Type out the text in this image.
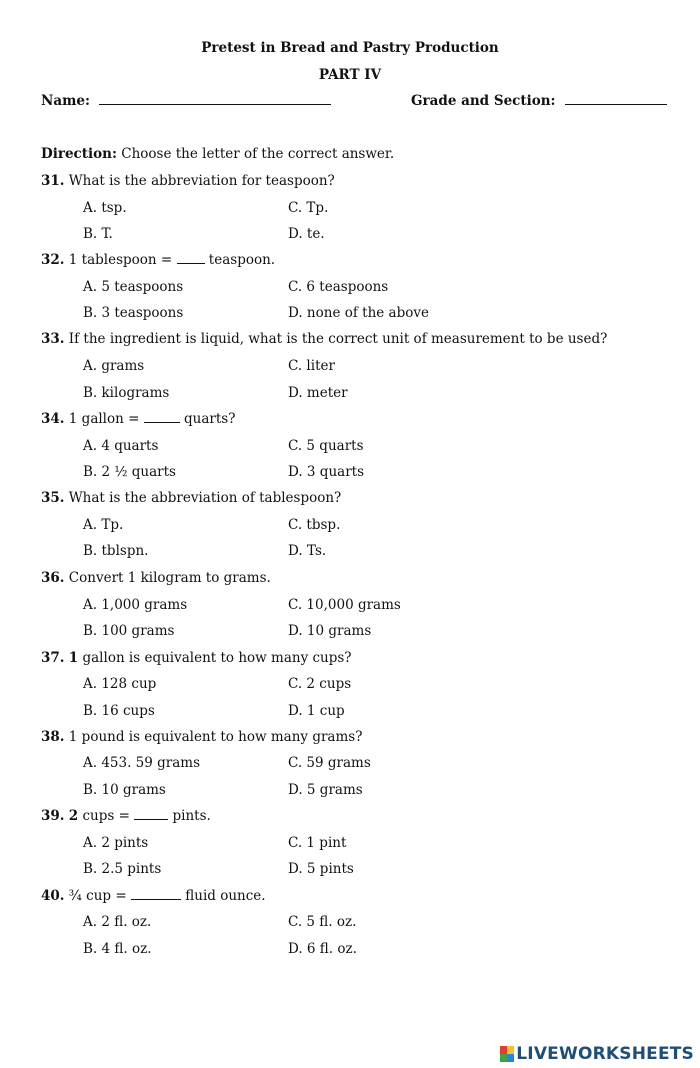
Pretest in Bread and Pastry Production
PART IV
Name:	Grade and Section:
Direction: Choose the letter of the correct answer.
31. What is the abbreviation for teaspoon?
A. tsp.	C. Tp.
B. T.	D. te.
32. 1 tablespoon =  teaspoon.
A. 5 teaspoons	C. 6 teaspoons
B. 3 teaspoons	D. none of the above
33. If the ingredient is liquid, what is the correct unit of measurement to be used?
A. grams	C. liter
B. kilograms	D. meter
34. 1 gallon =	quarts?
A. 4 quarts	C. 5 quarts
B. 2 ½ quarts	D. 3 quarts
35. What is the abbreviation of tablespoon?
A. Tp.	C. tbsp.
B. tblspn.	D. Ts.
36. Convert 1 kilogram to grams.
A. 1,000 grams	C. 10,000 grams
B. 100 grams	D. 10 grams
37. 1 gallon is equivalent to how many cups?
A. 128 cup	C. 2 cups
B. 16 cups	D. 1 cup
38. 1 pound is equivalent to how many grams?
A. 453. 59 grams	C. 59 grams
B. 10 grams	D. 5 grams
39. 2 cups =	pints.
A. 2 pints	C. 1 pint
B. 2.5 pints	D. 5 pints
40. ¾ cup =	fluid ounce.
A. 2 fl. oz.	C. 5 fl. oz.
B. 4 fl. oz.	D. 6 fl. oz.
LIVEWORKSHEETS
